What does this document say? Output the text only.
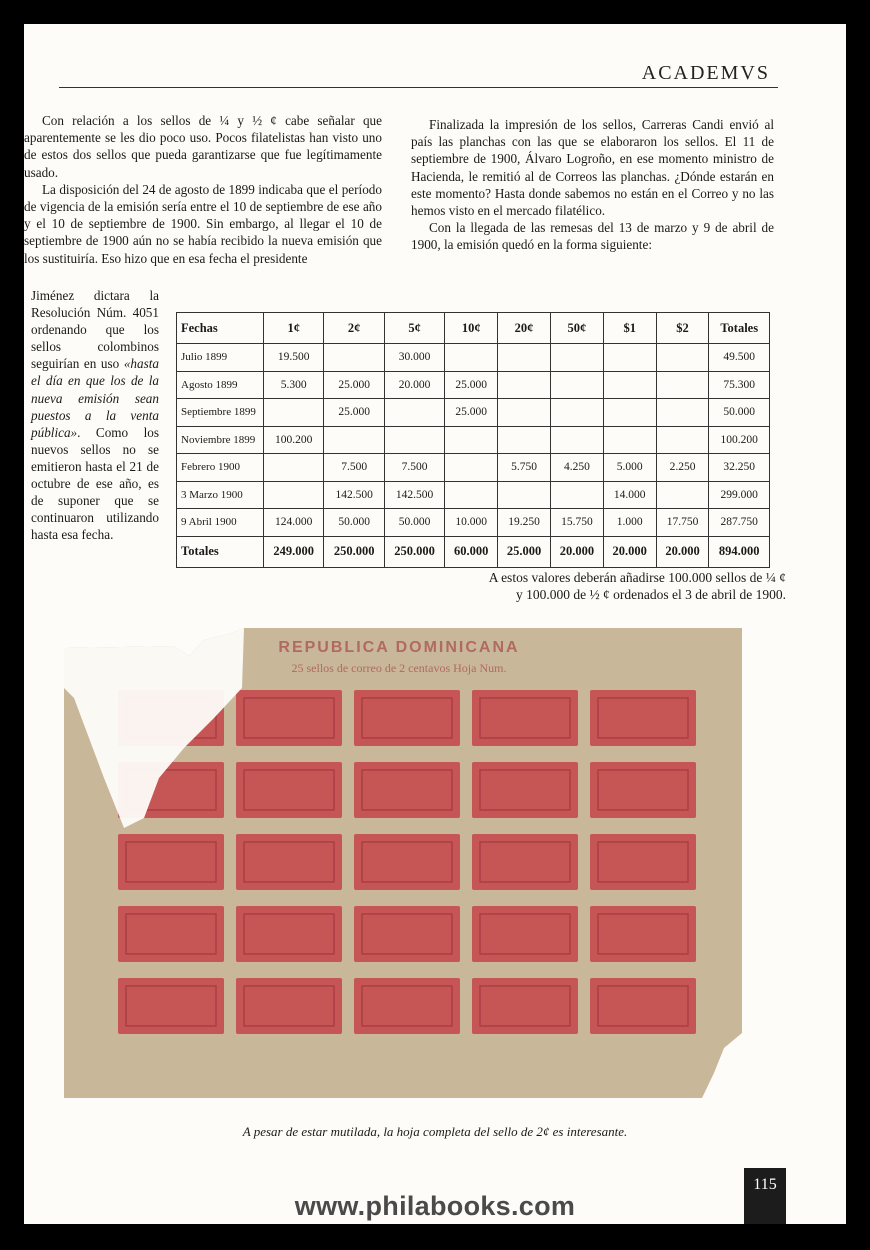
ACADEMVS

Con relación a los sellos de ¼ y ½ ¢ cabe señalar que aparentemente se les dio poco uso. Pocos filatelistas han visto uno de estos dos sellos que pueda garantizarse que fue legítimamente usado.

La disposición del 24 de agosto de 1899 indicaba que el período de vigencia de la emisión sería entre el 10 de septiembre de ese año y el 10 de septiembre de 1900. Sin embargo, al llegar el 10 de septiembre de 1900 aún no se había recibido la nueva emisión que los sustituiría. Eso hizo que en esa fecha el presidente

Finalizada la impresión de los sellos, Carreras Candi envió al país las planchas con las que se elaboraron los sellos. El 11 de septiembre de 1900, Álvaro Logroño, en ese momento ministro de Hacienda, le remitió al de Correos las planchas. ¿Dónde estarán en este momento? Hasta donde sabemos no están en el Correo y no las hemos visto en el mercado filatélico.

Con la llegada de las remesas del 13 de marzo y 9 de abril de 1900, la emisión quedó en la forma siguiente:

Jiménez dictara la Resolución Núm. 4051 ordenando que los sellos colombinos seguirían en uso «hasta el día en que los de la nueva emisión sean puestos a la venta pública». Como los nuevos sellos no se emitieron hasta el 21 de octubre de ese año, es de suponer que se continuaron utilizando hasta esa fecha.
Fechas	1¢	2¢	5¢	10¢	20¢	50¢	$1	$2	Totales
Julio 1899	19.500		30.000						49.500
Agosto 1899	5.300	25.000	20.000	25.000					75.300
Septiembre 1899		25.000		25.000					50.000
Noviembre 1899	100.200								100.200
Febrero 1900		7.500	7.500		5.750	4.250	5.000	2.250	32.250
3 Marzo 1900		142.500	142.500				14.000		299.000
9 Abril 1900	124.000	50.000	50.000	10.000	19.250	15.750	1.000	17.750	287.750
Totales	249.000	250.000	250.000	60.000	25.000	20.000	20.000	20.000	894.000
A estos valores deberán añadirse 100.000 sellos de ¼ ¢
y 100.000 de ½ ¢ ordenados el 3 de abril de 1900.
REPUBLICA DOMINICANA
25 sellos de correo de 2 centavos Hoja Num.
A pesar de estar mutilada, la hoja completa del sello de 2¢ es interesante.
115
www.philabooks.com
